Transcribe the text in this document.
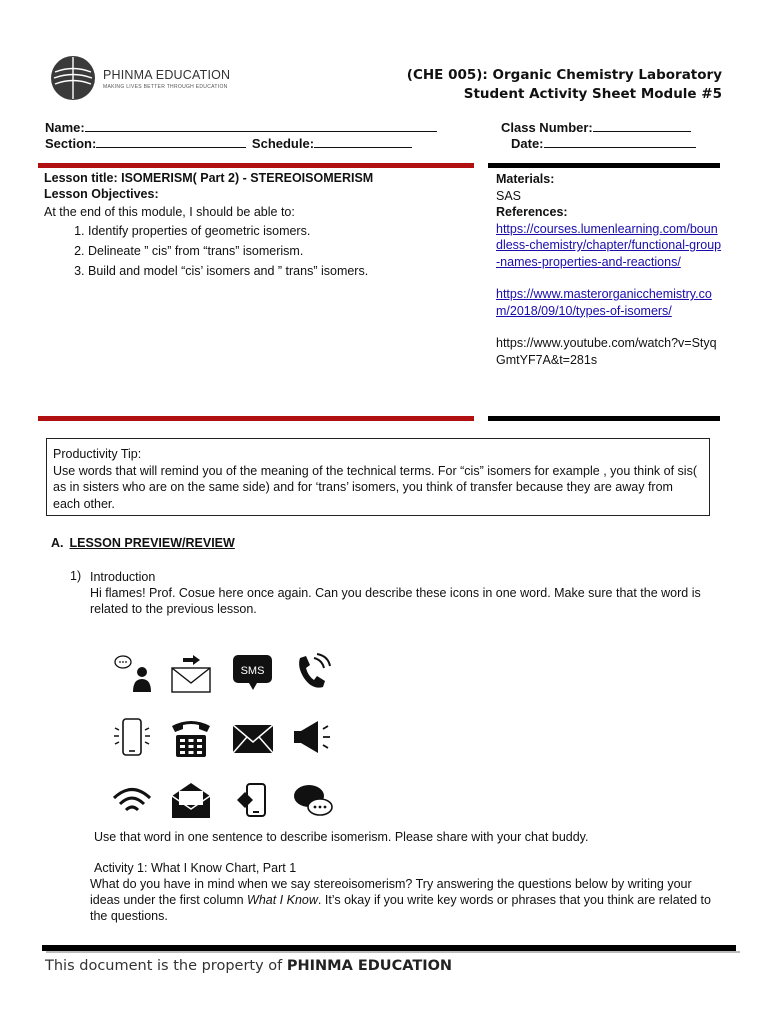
PHINMA EDUCATION
MAKING LIVES BETTER THROUGH EDUCATION
(CHE 005): Organic Chemistry Laboratory
Student Activity Sheet Module #5
Name:
Section:	Schedule:
Class Number:
Date:
Lesson title: ISOMERISM( Part 2) - STEREOISOMERISM
Lesson Objectives:
At the end of this module, I should be able to:
1. Identify properties of geometric isomers.
2. Delineate ” cis” from “trans” isomerism.
3. Build and model “cis’ isomers and ” trans” isomers.
Materials:
SAS
References:
https://courses.lumenlearning.com/boundless-chemistry/chapter/functional-group-names-properties-and-reactions/
https://www.masterorganicchemistry.com/2018/09/10/types-of-isomers/
https://www.youtube.com/watch?v=StyqGmtYF7A&t=281s
Productivity Tip:
Use words that will remind you of the meaning of the technical terms. For “cis” isomers for example , you think of sis( as in sisters who are on the same side) and for ‘trans’ isomers, you think of transfer because they are away from each other.
A. LESSON PREVIEW/REVIEW
1) Introduction
Hi flames! Prof. Cosue here once again. Can you describe these icons in one word. Make sure that the word is related to the previous lesson.
SMS
Use that word in one sentence to describe isomerism. Please share with your chat buddy.
Activity 1: What I Know Chart, Part 1
What do you have in mind when we say stereoisomerism? Try answering the questions below by writing your ideas under the first column What I Know. It’s okay if you write key words or phrases that you think are related to the questions.
This document is the property of PHINMA EDUCATION
